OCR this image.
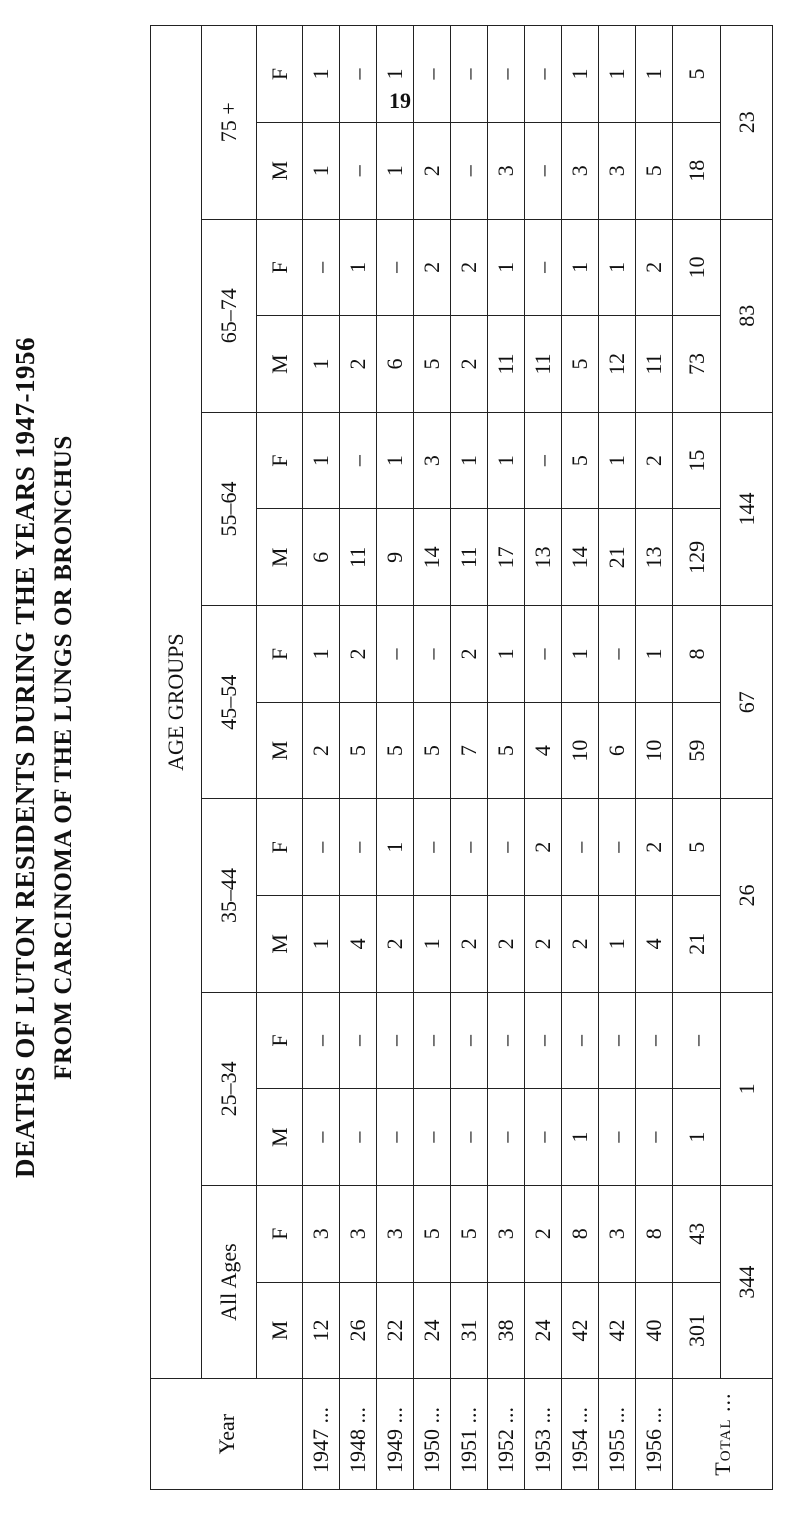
19
DEATHS OF LUTON RESIDENTS DURING THE YEARS 1947-1956 FROM CARCINOMA OF THE LUNGS OR BRONCHUS
Year	AGE GROUPS													
	All Ages		25–34		35–44		45–54		55–64		65–74		75 +	
	M	F	M	F	M	F	M	F	M	F	M	F	M	F
1947 ...	12	3	–	–	1	–	2	1	6	1	1	–	1	1
1948 ...	26	3	–	–	4	–	5	2	11	–	2	1	–	–
1949 ...	22	3	–	–	2	1	5	–	9	1	6	–	1	1
1950 ...	24	5	–	–	1	–	5	–	14	3	5	2	2	–
1951 ...	31	5	–	–	2	–	7	2	11	1	2	2	–	–
1952 ...	38	3	–	–	2	–	5	1	17	1	11	1	3	–
1953 ...	24	2	–	–	2	2	4	–	13	–	11	–	–	–
1954 ...	42	8	1	–	2	–	10	1	14	5	5	1	3	1
1955 ...	42	3	–	–	1	–	6	–	21	1	12	1	3	1
1956 ...	40	8	–	–	4	2	10	1	13	2	11	2	5	1
Total ...	301	43	1	–	21	5	59	8	129	15	73	10	18	5
	344		1		26		67		144		83		23	
